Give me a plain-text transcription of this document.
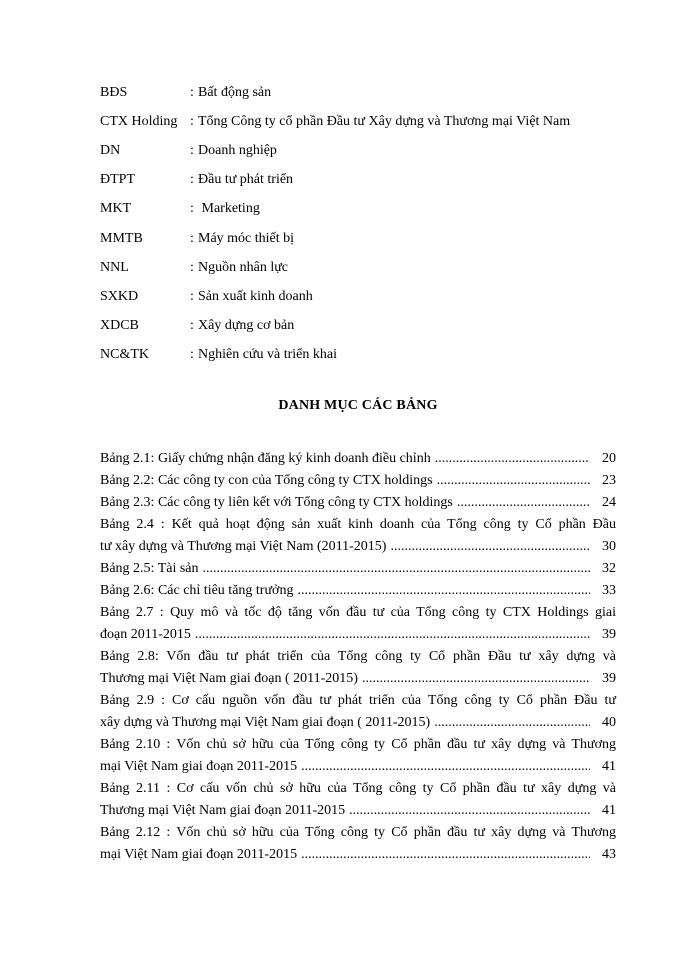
BĐS	: Bất động sản
CTX Holding : Tổng Công ty cổ phần Đầu tư Xây dựng và Thương mại Việt Nam
DN	: Doanh nghiệp
ĐTPT	: Đầu tư phát triển
MKT	: Marketing
MMTB	: Máy móc thiết bị
NNL	: Nguồn nhân lực
SXKD	: Sản xuất kinh doanh
XDCB	: Xây dựng cơ bản
NC&TK	: Nghiên cứu và triển khai
DANH MỤC CÁC BẢNG
Bảng 2.1: Giấy chứng nhận đăng ký kinh doanh điều chỉnh .....	20
Bảng 2.2: Các công ty con của Tổng công ty CTX holdings .....	23
Bảng 2.3: Các công ty liên kết với Tổng công ty CTX holdings .....	24
Bảng 2.4 : Kết quả hoạt động sản xuất kinh doanh của Tổng công ty Cổ phần Đầu
tư xây dựng và Thương mại Việt Nam (2011-2015) .....	30
Bảng 2.5: Tài sản .....	32
Bảng 2.6: Các chỉ tiêu tăng trưởng .....	33
Bảng 2.7 : Quy mô và tốc độ tăng vốn đầu tư của Tổng công ty CTX Holdings giai
đoạn 2011-2015 .....	39
Bảng 2.8: Vốn đầu tư phát triển của Tổng công ty Cổ phần Đầu tư xây dựng và
Thương mại Việt Nam giai đoạn ( 2011-2015) .....	39
Bảng 2.9 : Cơ cấu nguồn vốn đầu tư phát triển của Tổng công ty Cổ phần Đầu tư
xây dựng và Thương mại Việt Nam giai đoạn ( 2011-2015) .....	40
Bảng 2.10 : Vốn chủ sở hữu của Tổng công ty Cổ phần đầu tư xây dựng và Thương
mại Việt Nam giai đoạn 2011-2015 .....	41
Bảng 2.11 : Cơ cấu vốn chủ sở hữu của Tổng công ty Cổ phần đầu tư xây dựng và
Thương mại Việt Nam giai đoạn 2011-2015 .....	41
Bảng 2.12 : Vốn chủ sở hữu của Tổng công ty Cổ phần đầu tư xây dựng và Thương
mại Việt Nam giai đoạn 2011-2015 .....	43
